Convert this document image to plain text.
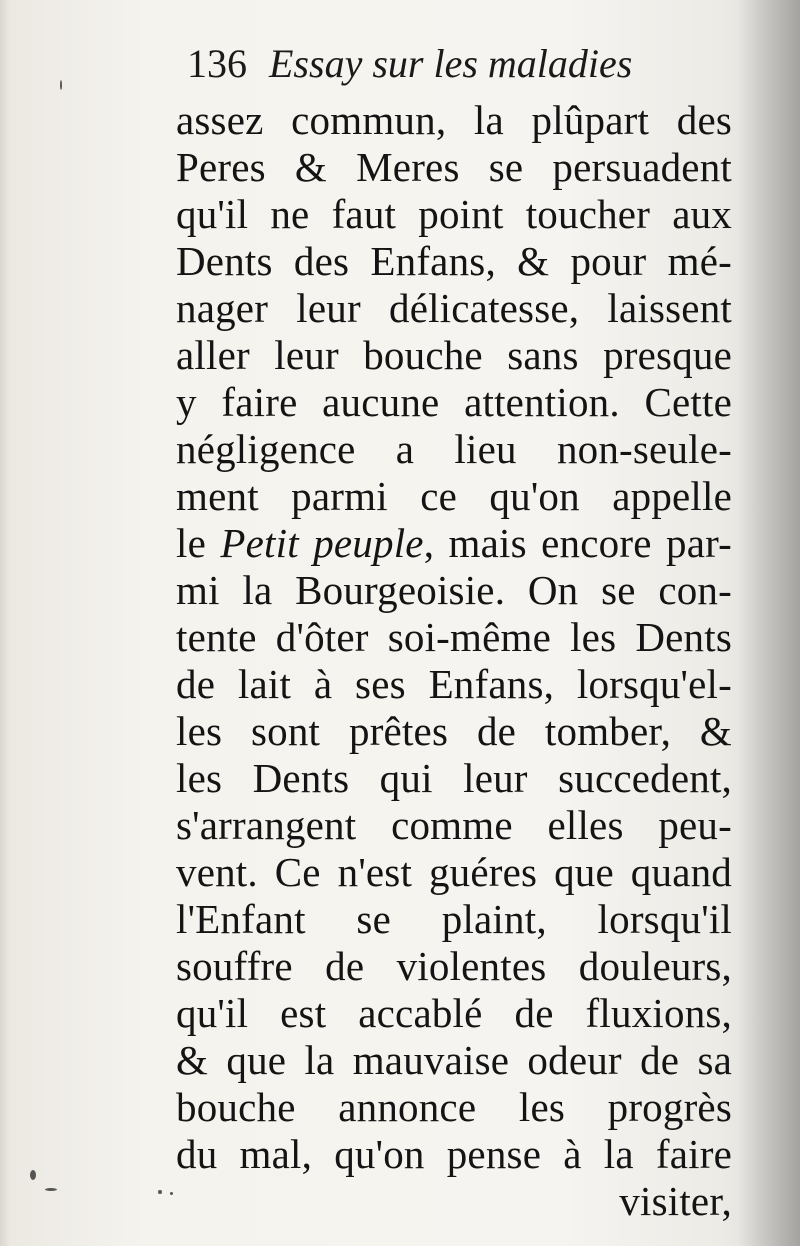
136 Essay sur les maladies
assez commun, la plûpart des
Peres & Meres se persuadent
qu'il ne faut point toucher aux
Dents des Enfans, & pour mé-
nager leur délicatesse, laissent
aller leur bouche sans presque
y faire aucune attention. Cette
négligence a lieu non-seule-
ment parmi ce qu'on appelle
le Petit peuple, mais encore par-
mi la Bourgeoisie. On se con-
tente d'ôter soi-même les Dents
de lait à ses Enfans, lorsqu'el-
les sont prêtes de tomber, &
les Dents qui leur succedent,
s'arrangent comme elles peu-
vent. Ce n'est guéres que quand
l'Enfant se plaint, lorsqu'il
souffre de violentes douleurs,
qu'il est accablé de fluxions,
& que la mauvaise odeur de sa
bouche annonce les progrès
du mal, qu'on pense à la faire
visiter,
